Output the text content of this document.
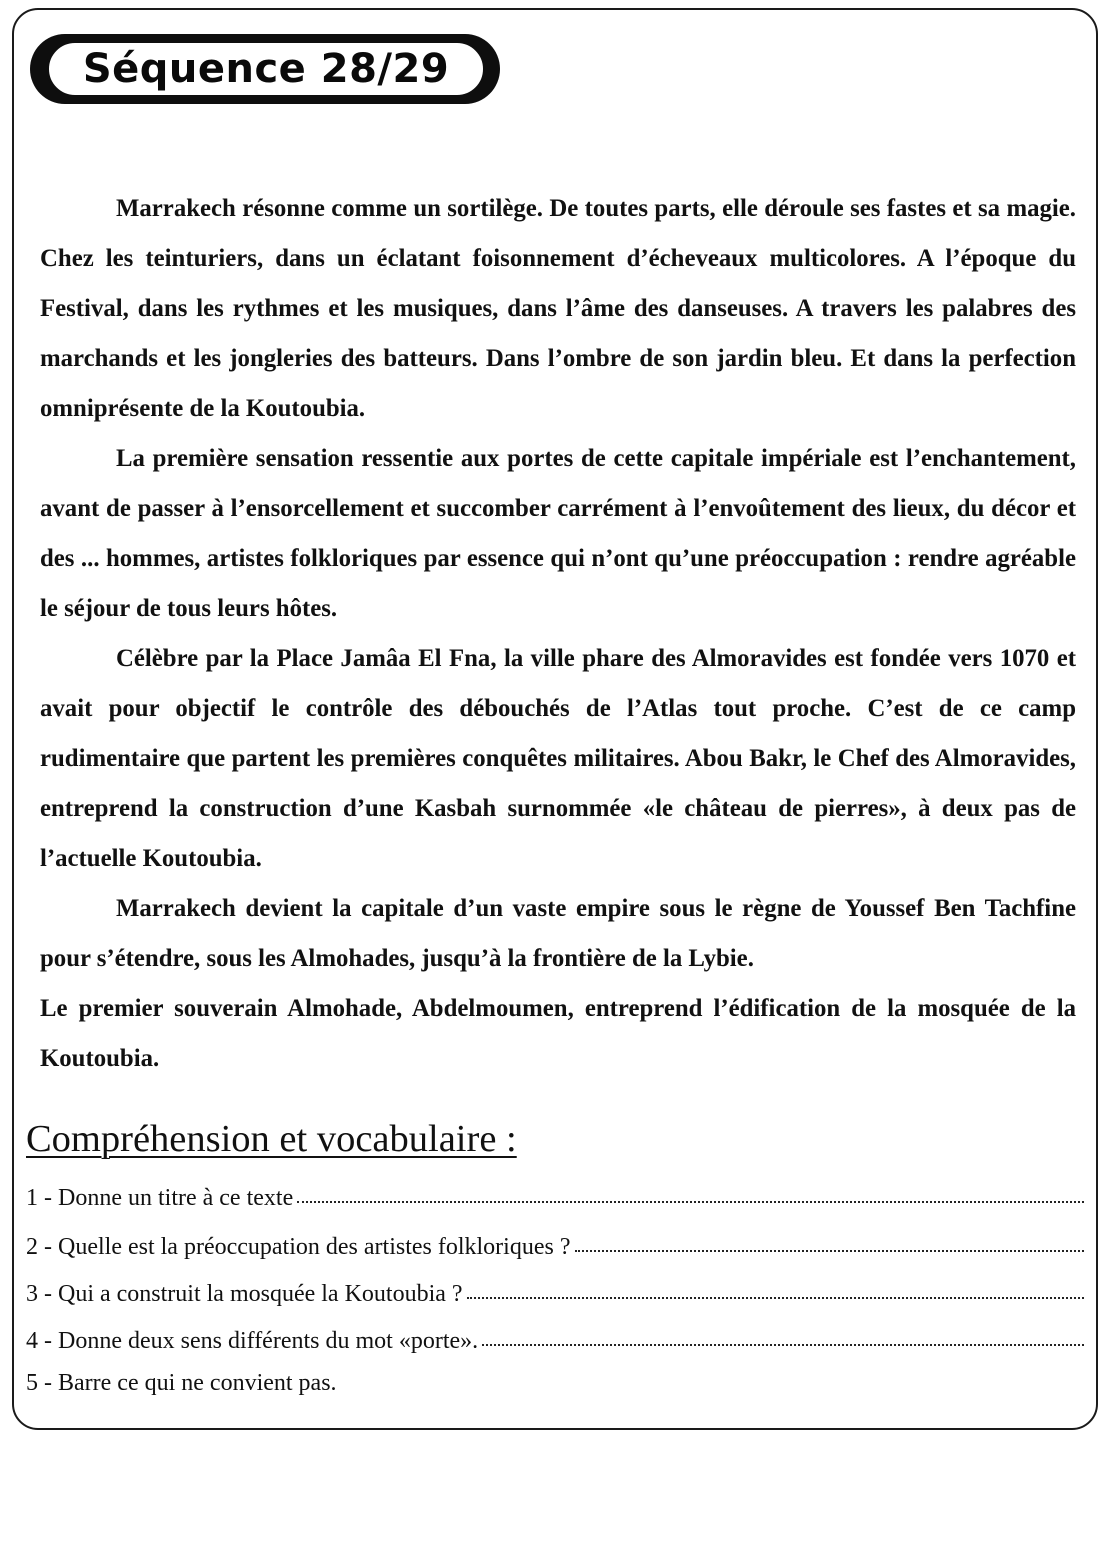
Séquence 28/29

Marrakech résonne comme un sortilège. De toutes parts, elle déroule ses fastes et sa magie. Chez les teinturiers, dans un éclatant foisonnement d’écheveaux multicolores. A l’époque du Festival, dans les rythmes et les musiques, dans l’âme des danseuses. A travers les palabres des marchands et les jongleries des batteurs. Dans l’ombre de son jardin bleu. Et dans la perfection omniprésente de la Koutoubia.

La première sensation ressentie aux portes de cette capitale impériale est l’enchantement, avant de passer à l’ensorcellement et succomber carrément à l’envoûtement des lieux, du décor et des ... hommes, artistes folkloriques par essence qui n’ont qu’une préoccupation : rendre agréable le séjour de tous leurs hôtes.

Célèbre par la Place Jamâa El Fna, la ville phare des Almoravides est fondée vers 1070 et avait pour objectif le contrôle des débouchés de l’Atlas tout proche. C’est de ce camp rudimentaire que partent les premières conquêtes militaires. Abou Bakr, le Chef des Almoravides, entreprend la construction d’une Kasbah surnommée «le château de pierres», à deux pas de l’actuelle Koutoubia.

Marrakech devient la capitale d’un vaste empire sous le règne de Youssef Ben Tachfine pour s’étendre, sous les Almohades, jusqu’à la frontière de la Lybie.

Le premier souverain Almohade, Abdelmoumen, entreprend l’édification de la mosquée de la Koutoubia.

Compréhension et vocabulaire :
1 - Donne un titre à ce texte
2 - Quelle est la préoccupation des artistes folkloriques ?
3 - Qui a construit la mosquée la Koutoubia ?
4 - Donne deux sens différents du mot «porte».
5 - Barre ce qui ne convient pas.
